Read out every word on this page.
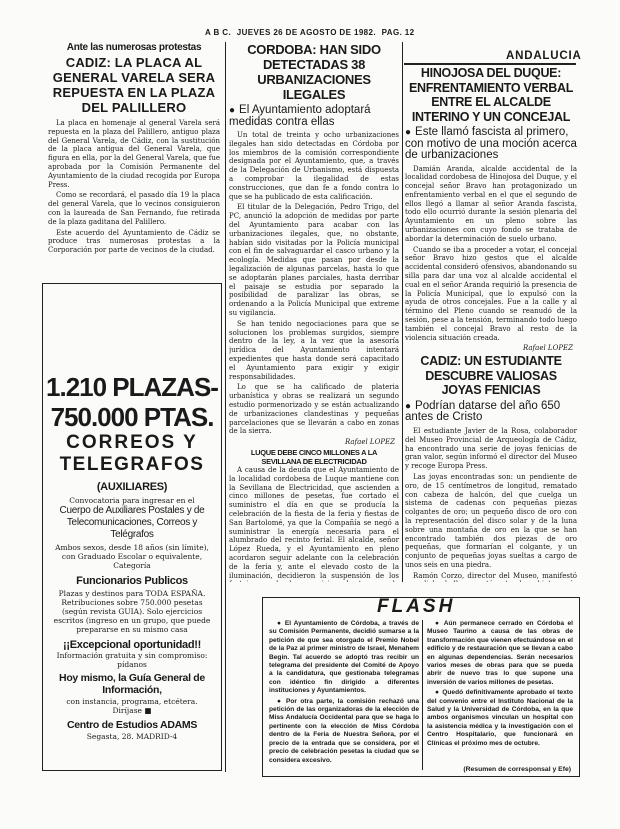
A B C. JUEVES 26 DE AGOSTO DE 1982. PAG. 12
ANDALUCIA
Ante las numerosas protestas
CADIZ: LA PLACA AL GENERAL VARELA SERA REPUESTA EN LA PLAZA DEL PALILLERO

La placa en homenaje al general Varela será repuesta en la plaza del Palillero, antiguo plaza del General Varela, de Cádiz, con la sustitución de la placa antigua del General Varela, que figura en ella, por la del General Varela, que fue aprobada por la Comisión Permanente del Ayuntamiento de la ciudad recogida por Europa Press.

Como se recordará, el pasado día 19 la placa del general Varela, que lo vecinos consiguieron con la laureada de San Fernando, fue retirada de la plaza gaditana del Palillero.

Este acuerdo del Ayuntamiento de Cádiz se produce tras numerosas protestas a la Corporación por parte de vecinos de la ciudad.

1.210 PLAZAS-
750.000 PTAS.
CORREOS Y
TELEGRAFOS
(AUXILIARES)
Convocatoria para ingresar en el
Cuerpo de Auxiliares Postales y de Telecomunicaciones, Correos y Telégrafos
Ambos sexos, desde 18 años (sin límite), con Graduado Escolar o equivalente, Categoría
Funcionarios Publicos
Plazas y destinos para TODA ESPAÑA. Retribuciones sobre 750.000 pesetas (según revista GUIA). Solo ejercicios escritos (ingreso en un grupo, que puede prepararse en su mismo casa
¡¡Excepcional oportunidad!!
Información gratuita y sin compromiso: pídanos
Hoy mismo, la Guía General de Información,
con instancia, programa, etcétera. Diríjase ■
Centro de Estudios ADAMS
Segasta, 28. MADRID-4
CORDOBA: HAN SIDO DETECTADAS 38 URBANIZACIONES ILEGALES
● El Ayuntamiento adoptará medidas contra ellas

Un total de treinta y ocho urbanizaciones ilegales han sido detectadas en Córdoba por los miembros de la comisión correspondiente designada por el Ayuntamiento, que, a través de la Delegación de Urbanismo, está dispuesta a comprobar la ilegalidad de estas construcciones, que dan fe a fondo contra lo que se ha publicado de esta calificación.

El titular de la Delegación, Pedro Trigo, del PC, anunció la adopción de medidas por parte del Ayuntamiento para acabar con las urbanizaciones ilegales, que, no obstante, habían sido visitadas por la Policía municipal con el fin de salvaguardar el casco urbano y la ecología. Medidas que pasan por desde la legalización de algunas parcelas, hasta lo que se adoptarán planes parciales, hasta derribar el paisaje se estudia por separado la posibilidad de paralizar las obras, se ordenando a la Policía Municipal que extreme su vigilancia.

Se han tenido negociaciones para que se solucionen los problemas surgidos, siempre dentro de la ley, a la vez que la asesoría jurídica del Ayuntamiento intentará expedientes que hasta donde será capacitado el Ayuntamiento para exigir y exigir responsabilidades.

Lo que se ha calificado de plateria urbanística y obras se realizará un segundo estudio pormenorizado y se están actualizando de urbanizaciones clandestinas y pequeñas parcelaciones que se llevarán a cabo en zonas de la sierra.

Rafael LOPEZ
LUQUE DEBE CINCO MILLONES A LA SEVILLANA DE ELECTRICIDAD

A causa de la deuda que el Ayuntamiento de la localidad cordobesa de Luque mantiene con la Sevillana de Electricidad, que ascienden a cinco millones de pesetas, fue cortado el suministro el día en que se producía la celebración de la fiesta de la feria y fiestas de San Bartolomé, ya que la Compañía se negó a suministrar la energía necesaria para el alumbrado del recinto ferial. El alcalde, señor López Rueda, y el Ayuntamiento en pleno acordaron seguir adelante con la celebración de la feria y, ante el elevado costo de la iluminación, decidieron la suspensión de los

HINOJOSA DEL DUQUE: ENFRENTAMIENTO VERBAL ENTRE EL ALCALDE INTERINO Y UN CONCEJAL
● Este llamó fascista al primero, con motivo de una moción acerca de urbanizaciones

Damián Aranda, alcalde accidental de la localidad cordobesa de Hinojosa del Duque, y el concejal señor Bravo han protagonizado un enfrentamiento verbal en el que el segundo de ellos llegó a llamar al señor Aranda fascista, todo ello ocurrió durante la sesión plenaria del Ayuntamiento en un pleno sobre las urbanizaciones con cuyo fondo se trataba de abordar la determinación de suelo urbano.

Cuando se iba a proceder a votar, el concejal señor Bravo hizo gestos que el alcalde accidental consideró ofensivos, abandonando su silla para dar una voz al alcalde accidental el cual en el señor Aranda requirió la presencia de la Policía Municipal, que lo expulsó con la ayuda de otros concejales. Fue a la calle y al término del Pleno cuando se reanudó de la sesión, pese a la tensión, terminando todo luego también el concejal Bravo al resto de la violencia situación creada.

Rafael LOPEZ
CADIZ: UN ESTUDIANTE DESCUBRE VALIOSAS JOYAS FENICIAS
● Podrían datarse del año 650 antes de Cristo

El estudiante Javier de la Rosa, colaborador del Museo Provincial de Arqueología de Cádiz, ha encontrado una serie de joyas fenicias de gran valor, según informó el director del Museo y recoge Europa Press.

Las joyas encontradas son: un pendiente de oro, de 15 centímetros de longitud, rematado con cabeza de halcón, del que cuelga un sistema de cadenas con pequeñas piezas colgantes de oro; un pequeño disco de oro con la representación del disco solar y de la luna sobre una montaña de oro en la que se han encontrado también dos piezas de oro pequeñas, que formarían el colgante, y un conjunto de pequeñas joyas sueltas a cargo de unos seis en una piedra.

Ramón Corzo, director del Museo, manifestó

FLASH

● El Ayuntamiento de Córdoba, a través de su Comisión Permanente, decidió sumarse a la petición de que sea otorgado el Premio Nobel de la Paz al primer ministro de Israel, Menahem Begin. Tal acuerdo se adoptó tras recibir un telegrama del presidente del Comité de Apoyo a la candidatura, que gestionaba telegramas con idéntico fin dirigido a diferentes instituciones y Ayuntamientos.

● Por otra parte, la comisión rechazó una petición de las organizadoras de la elección de Miss Andalucía Occidental para que se haga lo pertinente con la elección de Miss Córdoba dentro de la Feria de Nuestra Señora, por el precio de la entrada que se considera, por el precio de celebración pesetas la ciudad que se considera excesivo.

● Aún permanece cerrado en Córdoba el Museo Taurino a causa de las obras de transformación que vienen efectuándose en el edificio y de restauración que se llevan a cabo en algunas dependencias. Serán necesarios varios meses de obras para que se pueda abrir de nuevo tras lo que supone una inversión de varios millones de pesetas.

● Quedó definitivamente aprobado el texto del convenio entre el Instituto Nacional de la Salud y la Universidad de Córdoba, en la que ambos organismos vinculan un hospital con la asistencia médica y la investigación con el Centro Hospitalario, que funcionará en Clínicas el próximo mes de octubre.

(Resumen de corresponsal y Efe)
